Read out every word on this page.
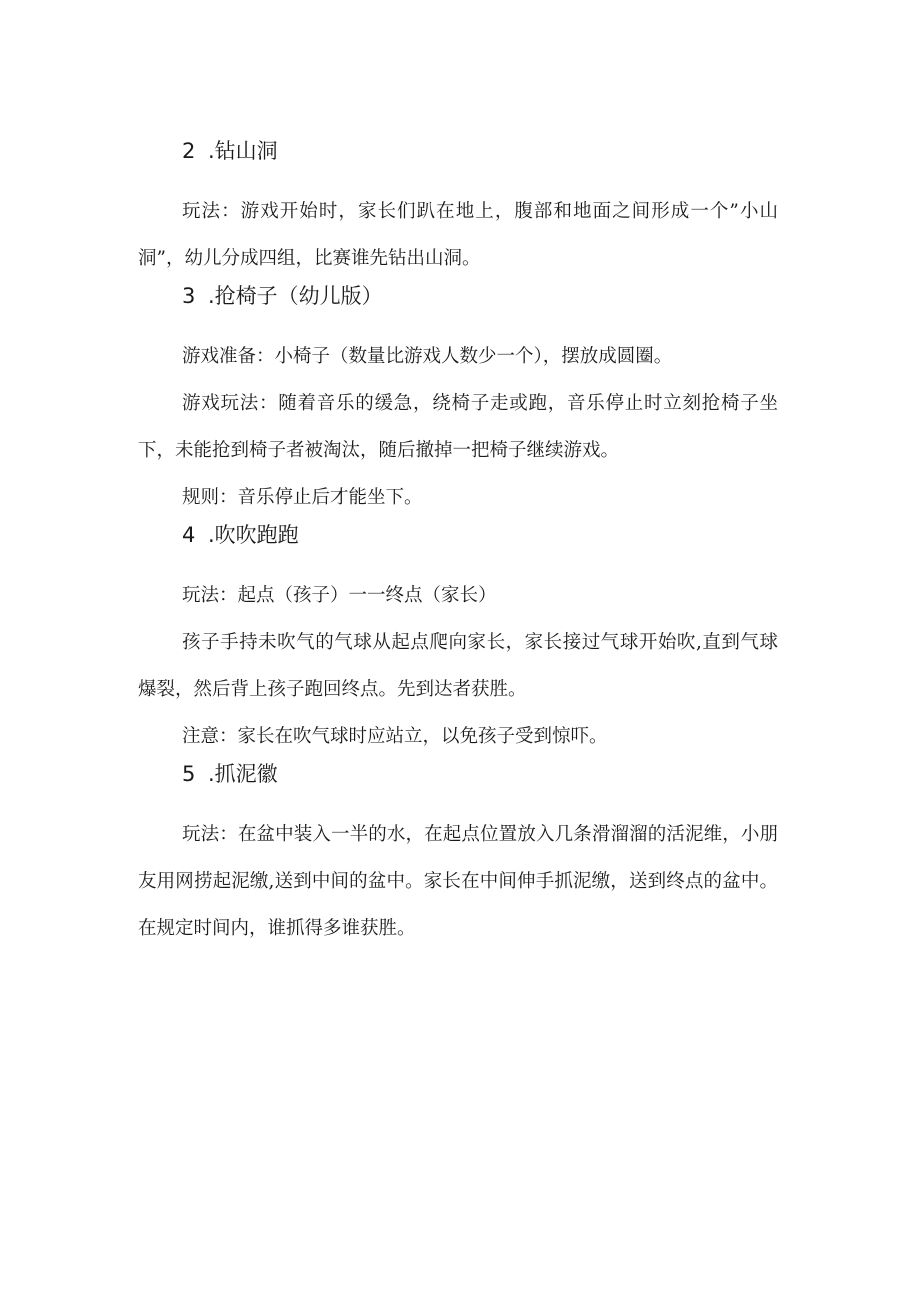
2 .钻山洞

玩法：游戏开始时，家长们趴在地上，腹部和地面之间形成一个”小山洞”，幼儿分成四组，比赛谁先钻出山洞。

3 .抢椅子（幼儿版）

游戏准备：小椅子（数量比游戏人数少一个），摆放成圆圈。

游戏玩法：随着音乐的缓急，绕椅子走或跑，音乐停止时立刻抢椅子坐下，未能抢到椅子者被淘汰，随后撤掉一把椅子继续游戏。

规则：音乐停止后才能坐下。

4 .吹吹跑跑

玩法：起点（孩子）一一终点（家长）

孩子手持未吹气的气球从起点爬向家长，家长接过气球开始吹,直到气球爆裂，然后背上孩子跑回终点。先到达者获胜。

注意：家长在吹气球时应站立，以免孩子受到惊吓。

5 .抓泥徽

玩法：在盆中装入一半的水，在起点位置放入几条滑溜溜的活泥维，小朋友用网捞起泥缴,送到中间的盆中。家长在中间伸手抓泥缴，送到终点的盆中。在规定时间内，谁抓得多谁获胜。
